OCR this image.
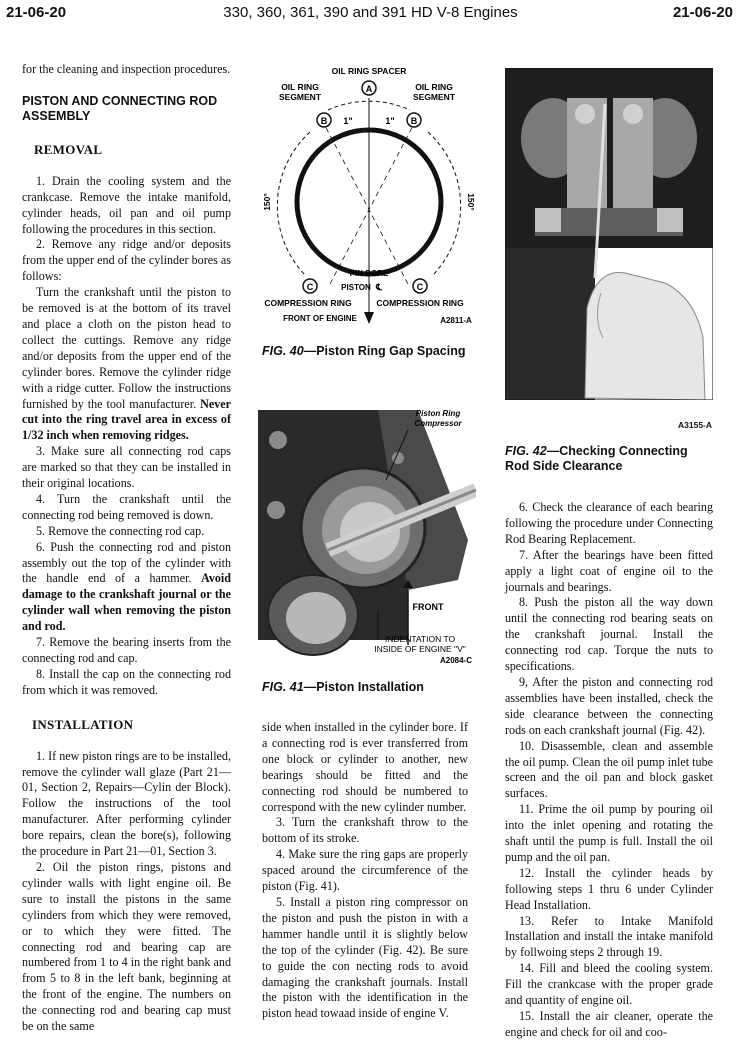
21-06-20	330, 360, 361, 390 and 391 HD V-8 Engines	21-06-20

for the cleaning and inspection procedures.

PISTON AND CONNECTING ROD ASSEMBLY
REMOVAL

1. Drain the cooling system and the crankcase. Remove the intake manifold, cylinder heads, oil pan and oil pump following the procedures in this section.

2. Remove any ridge and/or deposits from the upper end of the cylinder bores as follows:

Turn the crankshaft until the piston to be removed is at the bottom of its travel and place a cloth on the piston head to collect the cuttings. Remove any ridge and/or deposits from the upper end of the cylinder bores. Remove the cylinder ridge with a ridge cutter. Follow the instructions furnished by the tool manufacturer. Never cut into the ring travel area in excess of 1/32 inch when removing ridges.

3. Make sure all connecting rod caps are marked so that they can be installed in their original locations.

4. Turn the crankshaft until the connecting rod being removed is down.

5. Remove the connecting rod cap.

6. Push the connecting rod and piston assembly out the top of the cylinder with the handle end of a hammer. Avoid damage to the crankshaft journal or the cylinder wall when removing the piston and rod.

7. Remove the bearing inserts from the connecting rod and cap.

8. Install the cap on the connecting rod from which it was removed.

INSTALLATION

1. If new piston rings are to be installed, remove the cylinder wall glaze (Part 21—01, Section 2, Repairs—Cylin der Block). Follow the instructions of the tool manufacturer. After performing cylinder bore repairs, clean the bore(s), following the procedure in Part 21—01, Section 3.

2. Oil the piston rings, pistons and cylinder walls with light engine oil. Be sure to install the pistons in the same cylinders from which they were removed, or to which they were fitted. The connecting rod and bearing cap are numbered from 1 to 4 in the right bank and from 5 to 8 in the left bank, beginning at the front of the engine. The numbers on the connecting rod and bearing cap must be on the same

A
B	B
C	C
OIL RING SPACER
OIL RING
SEGMENT
OIL RING
SEGMENT
1"	1"
150°	150°
PIN BORE
PISTON ℄
COMPRESSION RING	COMPRESSION RING
FRONT OF ENGINE	A2811-A
FIG. 40—Piston Ring Gap Spacing
Piston Ring
Compressor
FRONT
INDENTATION TO
INSIDE OF ENGINE "V"
A2084-C
FIG. 41—Piston Installation
A3155-A
FIG. 42—Checking Connecting Rod Side Clearance

side when installed in the cylinder bore. If a connecting rod is ever transferred from one block or cylinder to another, new bearings should be fitted and the connecting rod should be numbered to correspond with the new cylinder number.

3. Turn the crankshaft throw to the bottom of its stroke.

4. Make sure the ring gaps are properly spaced around the circumference of the piston (Fig. 41).

5. Install a piston ring compressor on the piston and push the piston in with a hammer handle until it is slightly below the top of the cylinder (Fig. 42). Be sure to guide the con necting rods to avoid damaging the crankshaft journals. Install the piston with the identification in the piston head towaad inside of engine V.

6. Check the clearance of each bearing following the procedure under Connecting Rod Bearing Replacement.

7. After the bearings have been fitted apply a light coat of engine oil to the journals and bearings.

8. Push the piston all the way down until the connecting rod bearing seats on the crankshaft journal. Install the connecting rod cap. Torque the nuts to specifications.

9, After the piston and connecting rod assemblies have been installed, check the side clearance between the connecting rods on each crankshaft journal (Fig. 42).

10. Disassemble, clean and assemble the oil pump. Clean the oil pump inlet tube screen and the oil pan and block gasket surfaces.

11. Prime the oil pump by pouring oil into the inlet opening and rotating the shaft until the pump is full. Install the oil pump and the oil pan.

12. Install the cylinder heads by following steps 1 thru 6 under Cylinder Head Installation.

13. Refer to Intake Manifold Installation and install the intake manifold by follwoing steps 2 through 19.

14. Fill and bleed the cooling system. Fill the crankcase with the proper grade and quantity of engine oil.

15. Install the air cleaner, operate the engine and check for oil and coo-
